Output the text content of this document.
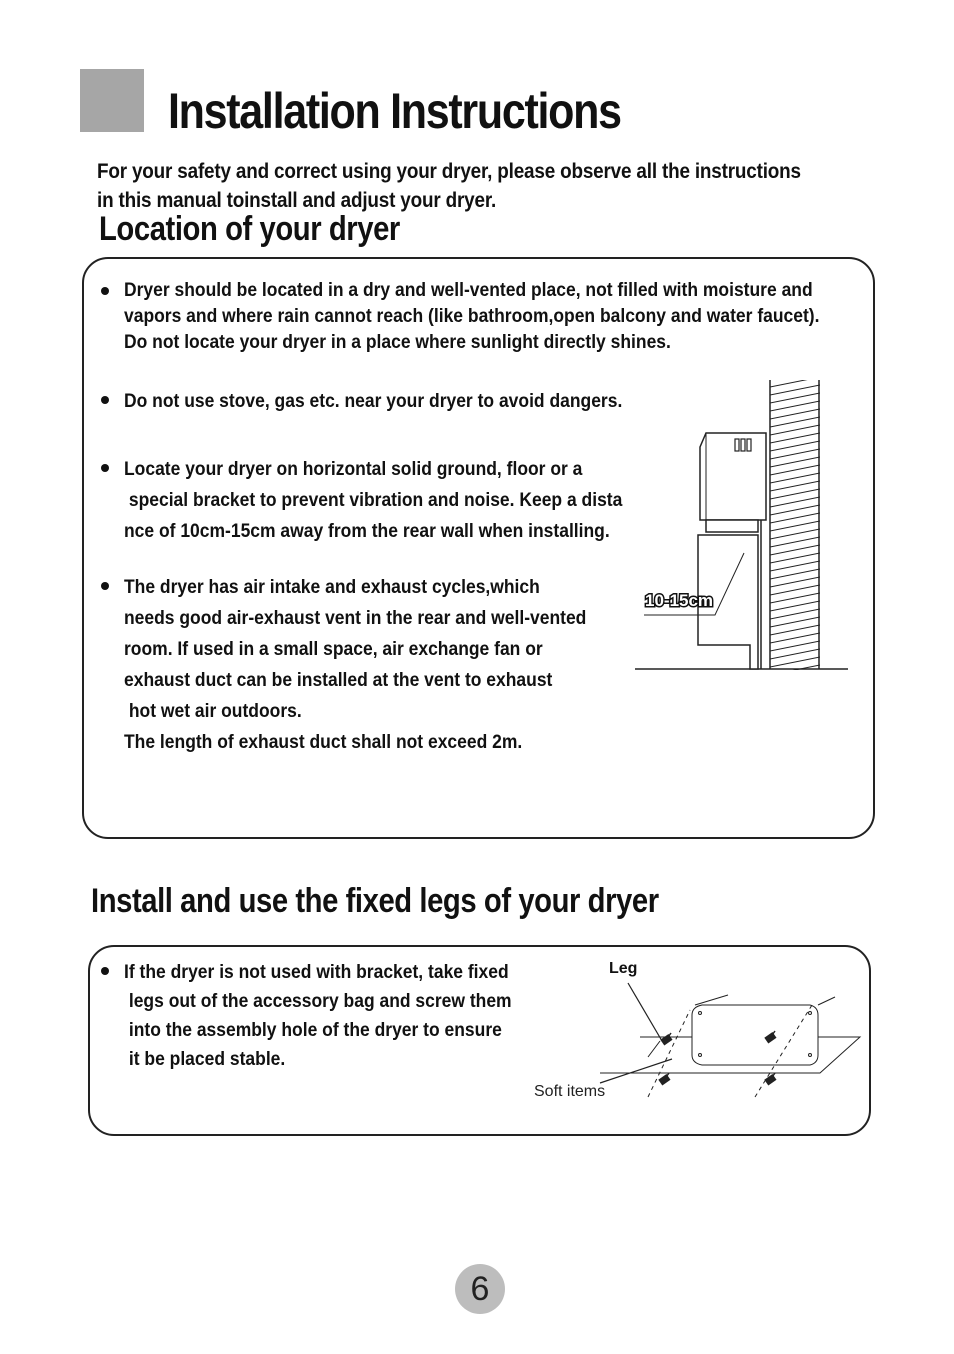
Installation Instructions
For your safety and correct using your dryer, please observe all the instructions
in this manual toinstall and adjust your dryer.
Location of your dryer
Dryer should be located in a dry and well-vented place, not filled with moisture and
vapors and where rain cannot reach (like bathroom,open balcony and water faucet).
Do not locate your dryer in a place where sunlight directly shines.
Do not use stove, gas etc. near your dryer to avoid dangers.
Locate your dryer on horizontal solid ground, floor or a
special bracket to prevent vibration and noise. Keep a dista
nce of 10cm-15cm away from the rear wall when installing.
The dryer has air intake and exhaust cycles,which
needs good air-exhaust vent in the rear and well-vented
room. If used in a small space, air exchange fan or
exhaust duct can be installed at the vent to exhaust
hot wet air outdoors.
The length of exhaust duct shall not exceed 2m.
10-15cm
Install and use the fixed legs of your dryer
If the dryer is not used with bracket, take fixed
legs out of the accessory bag and screw them
into the assembly hole of the dryer to ensure
it be placed stable.
Leg
Soft items
6
